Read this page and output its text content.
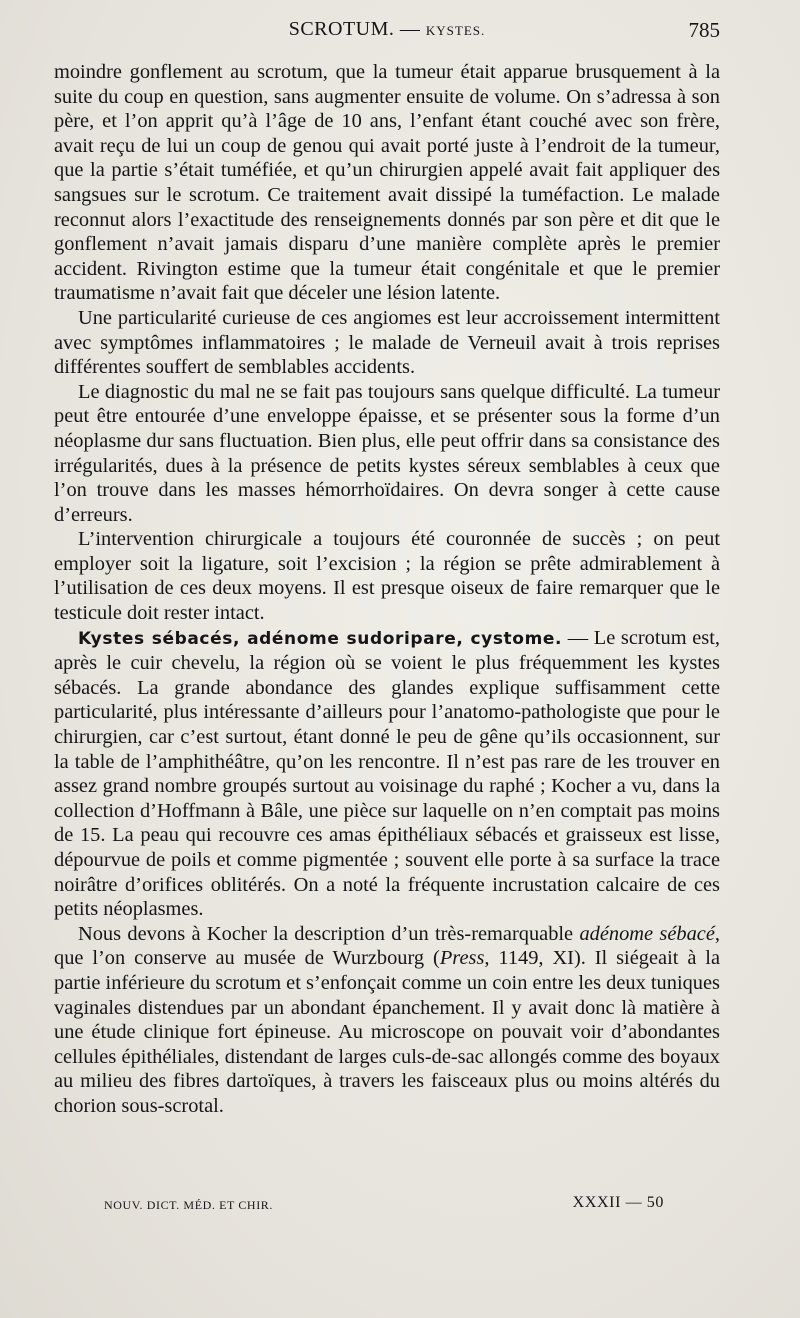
SCROTUM. — KYSTES.	785

moindre gonflement au scrotum, que la tumeur était apparue brusquement à la suite du coup en question, sans augmenter ensuite de volume. On s’adressa à son père, et l’on apprit qu’à l’âge de 10 ans, l’enfant étant couché avec son frère, avait reçu de lui un coup de genou qui avait porté juste à l’endroit de la tumeur, que la partie s’était tuméfiée, et qu’un chirurgien appelé avait fait appliquer des sangsues sur le scrotum. Ce traitement avait dissipé la tuméfaction. Le malade reconnut alors l’exactitude des renseignements donnés par son père et dit que le gonflement n’avait jamais disparu d’une manière complète après le premier accident. Rivington estime que la tumeur était congénitale et que le premier traumatisme n’avait fait que déceler une lésion latente.

Une particularité curieuse de ces angiomes est leur accroissement intermittent avec symptômes inflammatoires ; le malade de Verneuil avait à trois reprises différentes souffert de semblables accidents.

Le diagnostic du mal ne se fait pas toujours sans quelque difficulté. La tumeur peut être entourée d’une enveloppe épaisse, et se présenter sous la forme d’un néoplasme dur sans fluctuation. Bien plus, elle peut offrir dans sa consistance des irrégularités, dues à la présence de petits kystes séreux semblables à ceux que l’on trouve dans les masses hémorrhoïdaires. On devra songer à cette cause d’erreurs.

L’intervention chirurgicale a toujours été couronnée de succès ; on peut employer soit la ligature, soit l’excision ; la région se prête admirablement à l’utilisation de ces deux moyens. Il est presque oiseux de faire remarquer que le testicule doit rester intact.

Kystes sébacés, adénome sudoripare, cystome. — Le scrotum est, après le cuir chevelu, la région où se voient le plus fréquemment les kystes sébacés. La grande abondance des glandes explique suffisamment cette particularité, plus intéressante d’ailleurs pour l’anatomo-pathologiste que pour le chirurgien, car c’est surtout, étant donné le peu de gêne qu’ils occasionnent, sur la table de l’amphithéâtre, qu’on les rencontre. Il n’est pas rare de les trouver en assez grand nombre groupés surtout au voisinage du raphé ; Kocher a vu, dans la collection d’Hoffmann à Bâle, une pièce sur laquelle on n’en comptait pas moins de 15. La peau qui recouvre ces amas épithéliaux sébacés et graisseux est lisse, dépourvue de poils et comme pigmentée ; souvent elle porte à sa surface la trace noirâtre d’orifices oblitérés. On a noté la fréquente incrustation calcaire de ces petits néoplasmes.

Nous devons à Kocher la description d’un très-remarquable adénome sébacé, que l’on conserve au musée de Wurzbourg (Press, 1149, XI). Il siégeait à la partie inférieure du scrotum et s’enfonçait comme un coin entre les deux tuniques vaginales distendues par un abondant épanchement. Il y avait donc là matière à une étude clinique fort épineuse. Au microscope on pouvait voir d’abondantes cellules épithéliales, distendant de larges culs-de-sac allongés comme des boyaux au milieu des fibres dartoïques, à travers les faisceaux plus ou moins altérés du chorion sous-scrotal.

NOUV. DICT. MÉD. ET CHIR.	XXXII — 50
